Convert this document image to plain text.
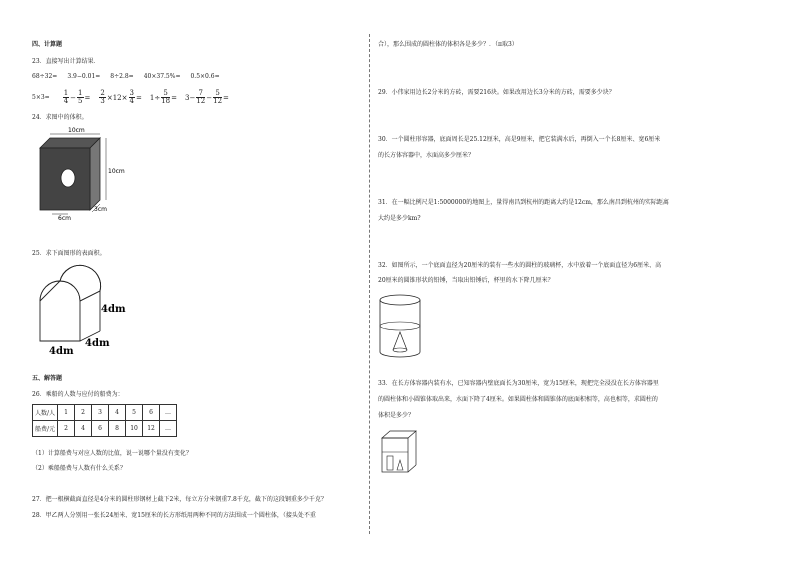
四、计算题
23．直接写出计算结果．
68÷32= 3.9−0.01= 8÷2.8= 40×37.5%= 0.5×0.6=
$5\times 3= \frac{1}{4} - \frac{1}{5} = \frac{2}{3} \times 12\times \frac{3}{4} = 1 \div \frac{5}{18} = 3- \frac{7}{12} - \frac{5}{12}$ =
24．求图中的体积。
10cm
10cm
3cm
6cm
25．求下面图形的表面积。
4dm
4dm
4dm
五、解答题
26．乘船的人数与应付的船费为：
人数/人	1	2	3	4	5	6	…
船费/元	2	4	6	8	10	12	…
（1）计算船费与对应人数的比值，说一说哪个量没有变化？
（2）乘船船费与人数有什么关系？
27．把一根横截面直径是4分米的圆柱形钢材上截下2米，每立方分米钢重7.8千克，截下的这段钢重多少千克？
28．甲乙两人分别用一张长24厘米、宽15厘米的长方形纸用两种不同的方法围成一个圆柱体，（接头处不重
合），那么围成的圆柱体的体积各是多少？．（π取3）
29．小伟家用边长2分米的方砖，需要216块。如果改用边长3分米的方砖，需要多少块？
30．一个圆柱形容器，底面周长是25.12厘米，高是9厘米，把它装满水后，再倒入一个长8厘米、宽6厘米
的长方体容器中，水面高多少厘米？
31．在一幅比例尺是1:5000000的地图上，量得南昌到杭州的距离大约是12cm，那么南昌到杭州的实际距离
大约是多少km?
32．如图所示，一个底面直径为20厘米的装有一些水的圆柱的玻璃杯，水中放着一个底面直径为6厘米、高
20厘米的圆锥形状的铅锤，当取出铅锤后，杯里的水下降几厘米？
33．在长方体容器内装有水，已知容器内壁底面长为30厘米，宽为15厘米，现把完全浸没在长方体容器里
的圆柱体和小圆锥体取出来，水面下降了4厘米。如果圆柱体和圆锥体的底面积相等，高也相等，求圆柱的
体积是多少？
